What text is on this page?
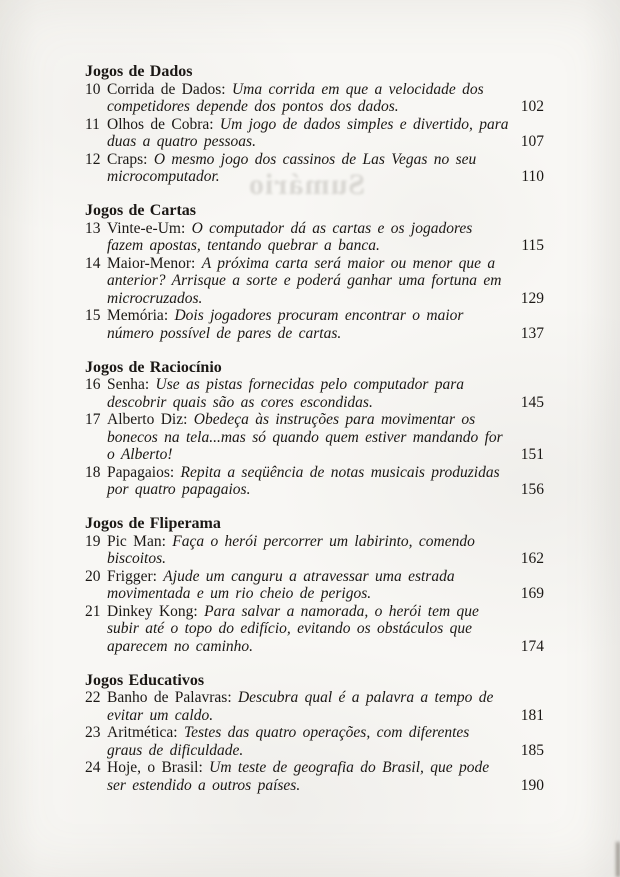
Sumário
Jogos de Dados
10 Corrida de Dados: Uma corrida em que a velocidade dos
competidores depende dos pontos dos dados.	102
11 Olhos de Cobra: Um jogo de dados simples e divertido, para
duas a quatro pessoas.	107
12 Craps: O mesmo jogo dos cassinos de Las Vegas no seu
microcomputador.	110
Jogos de Cartas
13 Vinte-e-Um: O computador dá as cartas e os jogadores
fazem apostas, tentando quebrar a banca.	115
14 Maior-Menor: A próxima carta será maior ou menor que a
anterior? Arrisque a sorte e poderá ganhar uma fortuna em
microcruzados.	129
15 Memória: Dois jogadores procuram encontrar o maior
número possível de pares de cartas.	137
Jogos de Raciocínio
16 Senha: Use as pistas fornecidas pelo computador para
descobrir quais são as cores escondidas.	145
17 Alberto Diz: Obedeça às instruções para movimentar os
bonecos na tela...mas só quando quem estiver mandando for
o Alberto!	151
18 Papagaios: Repita a seqüência de notas musicais produzidas
por quatro papagaios.	156
Jogos de Fliperama
19 Pic Man: Faça o herói percorrer um labirinto, comendo
biscoitos.	162
20 Frigger: Ajude um canguru a atravessar uma estrada
movimentada e um rio cheio de perigos.	169
21 Dinkey Kong: Para salvar a namorada, o herói tem que
subir até o topo do edifício, evitando os obstáculos que
aparecem no caminho.	174
Jogos Educativos
22 Banho de Palavras: Descubra qual é a palavra a tempo de
evitar um caldo.	181
23 Aritmética: Testes das quatro operações, com diferentes
graus de dificuldade.	185
24 Hoje, o Brasil: Um teste de geografia do Brasil, que pode
ser estendido a outros países.	190
